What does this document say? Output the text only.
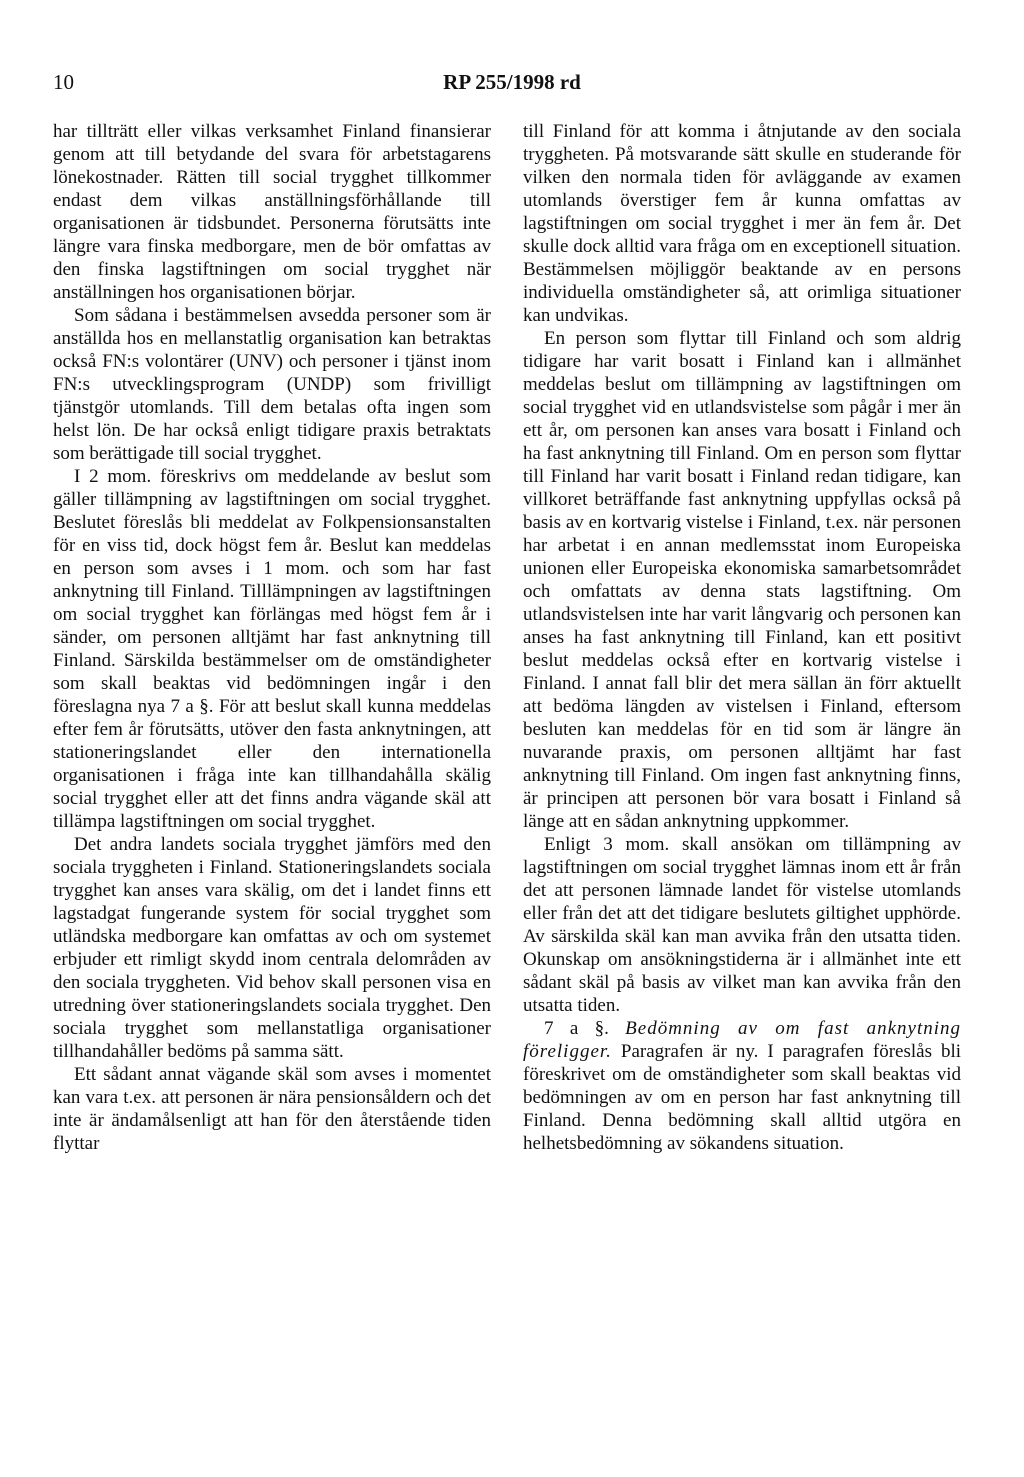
10	RP 255/1998 rd

har tillträtt eller vilkas verksamhet Finland finansierar genom att till betydande del svara för arbetstagarens lönekostnader. Rätten till social trygghet tillkommer endast dem vilkas anställningsförhållande till organisationen är tidsbundet. Personerna förutsätts inte längre vara finska medborgare, men de bör omfattas av den finska lagstiftningen om social trygghet när anställningen hos organisationen börjar.

Som sådana i bestämmelsen avsedda personer som är anställda hos en mellanstatlig organisation kan betraktas också FN:s volontärer (UNV) och personer i tjänst inom FN:s utvecklingsprogram (UNDP) som frivilligt tjänstgör utomlands. Till dem betalas ofta ingen som helst lön. De har också enligt tidigare praxis betraktats som berättigade till social trygghet.

I 2 mom. föreskrivs om meddelande av beslut som gäller tillämpning av lagstiftningen om social trygghet. Beslutet föreslås bli meddelat av Folkpensionsanstalten för en viss tid, dock högst fem år. Beslut kan meddelas en person som avses i 1 mom. och som har fast anknytning till Finland. Tilllämpningen av lagstiftningen om social trygghet kan förlängas med högst fem år i sänder, om personen alltjämt har fast anknytning till Finland. Särskilda bestämmelser om de omständigheter som skall beaktas vid bedömningen ingår i den föreslagna nya 7 a §. För att beslut skall kunna meddelas efter fem år förutsätts, utöver den fasta anknytningen, att stationeringslandet eller den internationella organisationen i fråga inte kan tillhandahålla skälig social trygghet eller att det finns andra vägande skäl att tillämpa lagstiftningen om social trygghet.

Det andra landets sociala trygghet jämförs med den sociala tryggheten i Finland. Stationeringslandets sociala trygghet kan anses vara skälig, om det i landet finns ett lagstadgat fungerande system för social trygghet som utländska medborgare kan omfattas av och om systemet erbjuder ett rimligt skydd inom centrala delområden av den sociala tryggheten. Vid behov skall personen visa en utredning över stationeringslandets sociala trygghet. Den sociala trygghet som mellanstatliga organisationer tillhandahåller bedöms på samma sätt.

Ett sådant annat vägande skäl som avses i momentet kan vara t.ex. att personen är nära pensionsåldern och det inte är ändamålsenligt att han för den återstående tiden flyttar

till Finland för att komma i åtnjutande av den sociala tryggheten. På motsvarande sätt skulle en studerande för vilken den normala tiden för avläggande av examen utomlands överstiger fem år kunna omfattas av lagstiftningen om social trygghet i mer än fem år. Det skulle dock alltid vara fråga om en exceptionell situation. Bestämmelsen möjliggör beaktande av en persons individuella omständigheter så, att orimliga situationer kan undvikas.

En person som flyttar till Finland och som aldrig tidigare har varit bosatt i Finland kan i allmänhet meddelas beslut om tillämpning av lagstiftningen om social trygghet vid en utlandsvistelse som pågår i mer än ett år, om personen kan anses vara bosatt i Finland och ha fast anknytning till Finland. Om en person som flyttar till Finland har varit bosatt i Finland redan tidigare, kan villkoret beträffande fast anknytning uppfyllas också på basis av en kortvarig vistelse i Finland, t.ex. när personen har arbetat i en annan medlemsstat inom Europeiska unionen eller Europeiska ekonomiska samarbetsområdet och omfattats av denna stats lagstiftning. Om utlandsvistelsen inte har varit långvarig och personen kan anses ha fast anknytning till Finland, kan ett positivt beslut meddelas också efter en kortvarig vistelse i Finland. I annat fall blir det mera sällan än förr aktuellt att bedöma längden av vistelsen i Finland, eftersom besluten kan meddelas för en tid som är längre än nuvarande praxis, om personen alltjämt har fast anknytning till Finland. Om ingen fast anknytning finns, är principen att personen bör vara bosatt i Finland så länge att en sådan anknytning uppkommer.

Enligt 3 mom. skall ansökan om tillämpning av lagstiftningen om social trygghet lämnas inom ett år från det att personen lämnade landet för vistelse utomlands eller från det att det tidigare beslutets giltighet upphörde. Av särskilda skäl kan man avvika från den utsatta tiden. Okunskap om ansökningstiderna är i allmänhet inte ett sådant skäl på basis av vilket man kan avvika från den utsatta tiden.

7 a §. Bedömning av om fast anknytning föreligger. Paragrafen är ny. I paragrafen föreslås bli föreskrivet om de omständigheter som skall beaktas vid bedömningen av om en person har fast anknytning till Finland. Denna bedömning skall alltid utgöra en helhetsbedömning av sökandens situation.
